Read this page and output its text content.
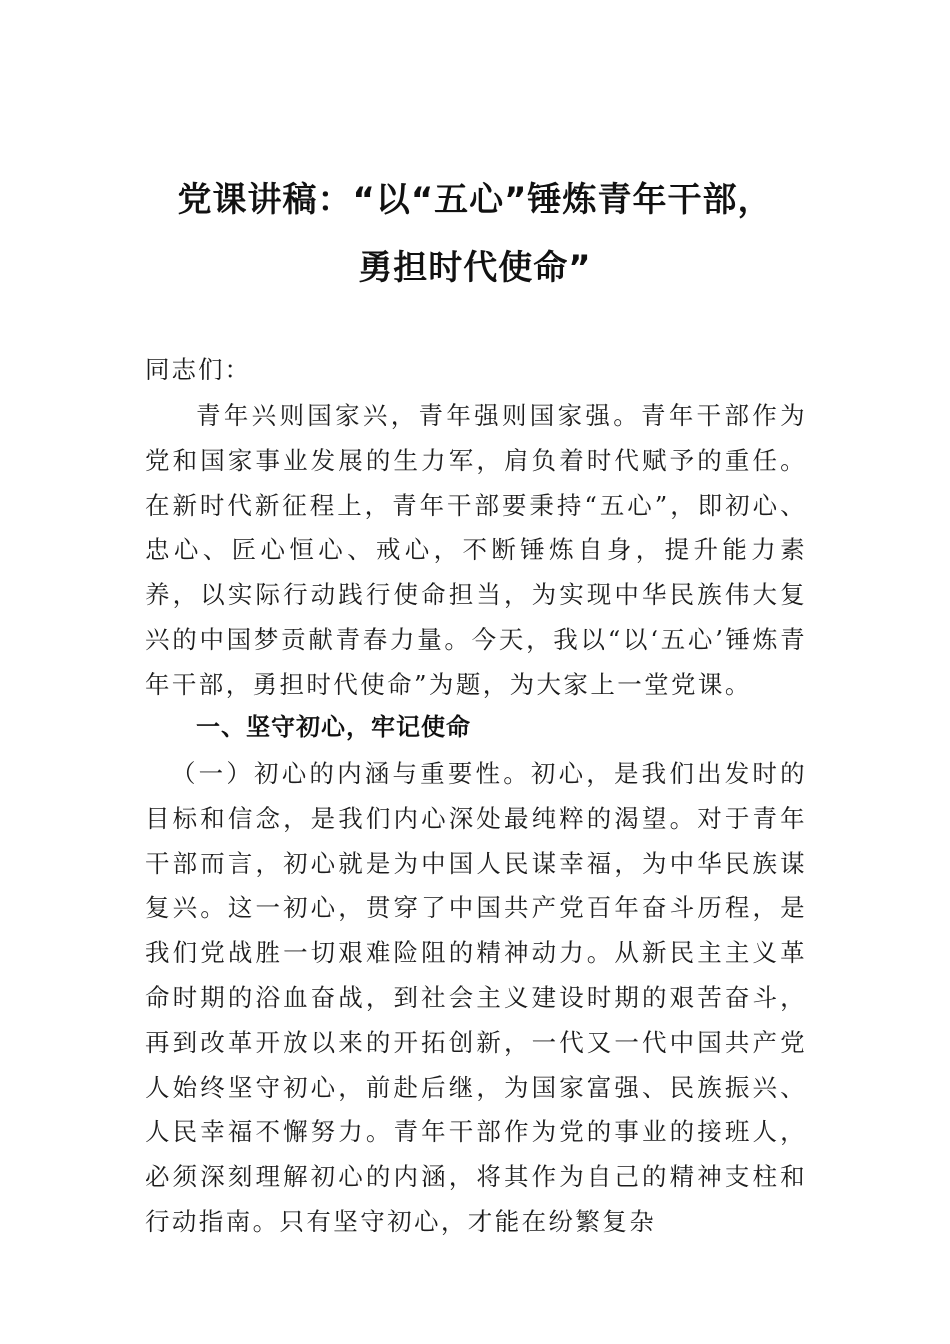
党课讲稿：“以“五心”锤炼青年干部，
勇担时代使命”
同志们：
青年兴则国家兴，青年强则国家强。青年干部作为党和国家事业发展的生力军，肩负着时代赋予的重任。在新时代新征程上，青年干部要秉持“五心”，即初心、忠心、匠心恒心、戒心，不断锤炼自身，提升能力素养，以实际行动践行使命担当，为实现中华民族伟大复兴的中国梦贡献青春力量。今天，我以“以‘五心’锤炼青年干部，勇担时代使命”为题，为大家上一堂党课。
一、坚守初心，牢记使命
（一）初心的内涵与重要性。初心，是我们出发时的目标和信念，是我们内心深处最纯粹的渴望。对于青年干部而言，初心就是为中国人民谋幸福，为中华民族谋复兴。这一初心，贯穿了中国共产党百年奋斗历程，是我们党战胜一切艰难险阻的精神动力。从新民主主义革命时期的浴血奋战，到社会主义建设时期的艰苦奋斗，再到改革开放以来的开拓创新，一代又一代中国共产党人始终坚守初心，前赴后继，为国家富强、民族振兴、人民幸福不懈努力。青年干部作为党的事业的接班人，必须深刻理解初心的内涵，将其作为自己的精神支柱和行动指南。只有坚守初心，才能在纷繁复杂
